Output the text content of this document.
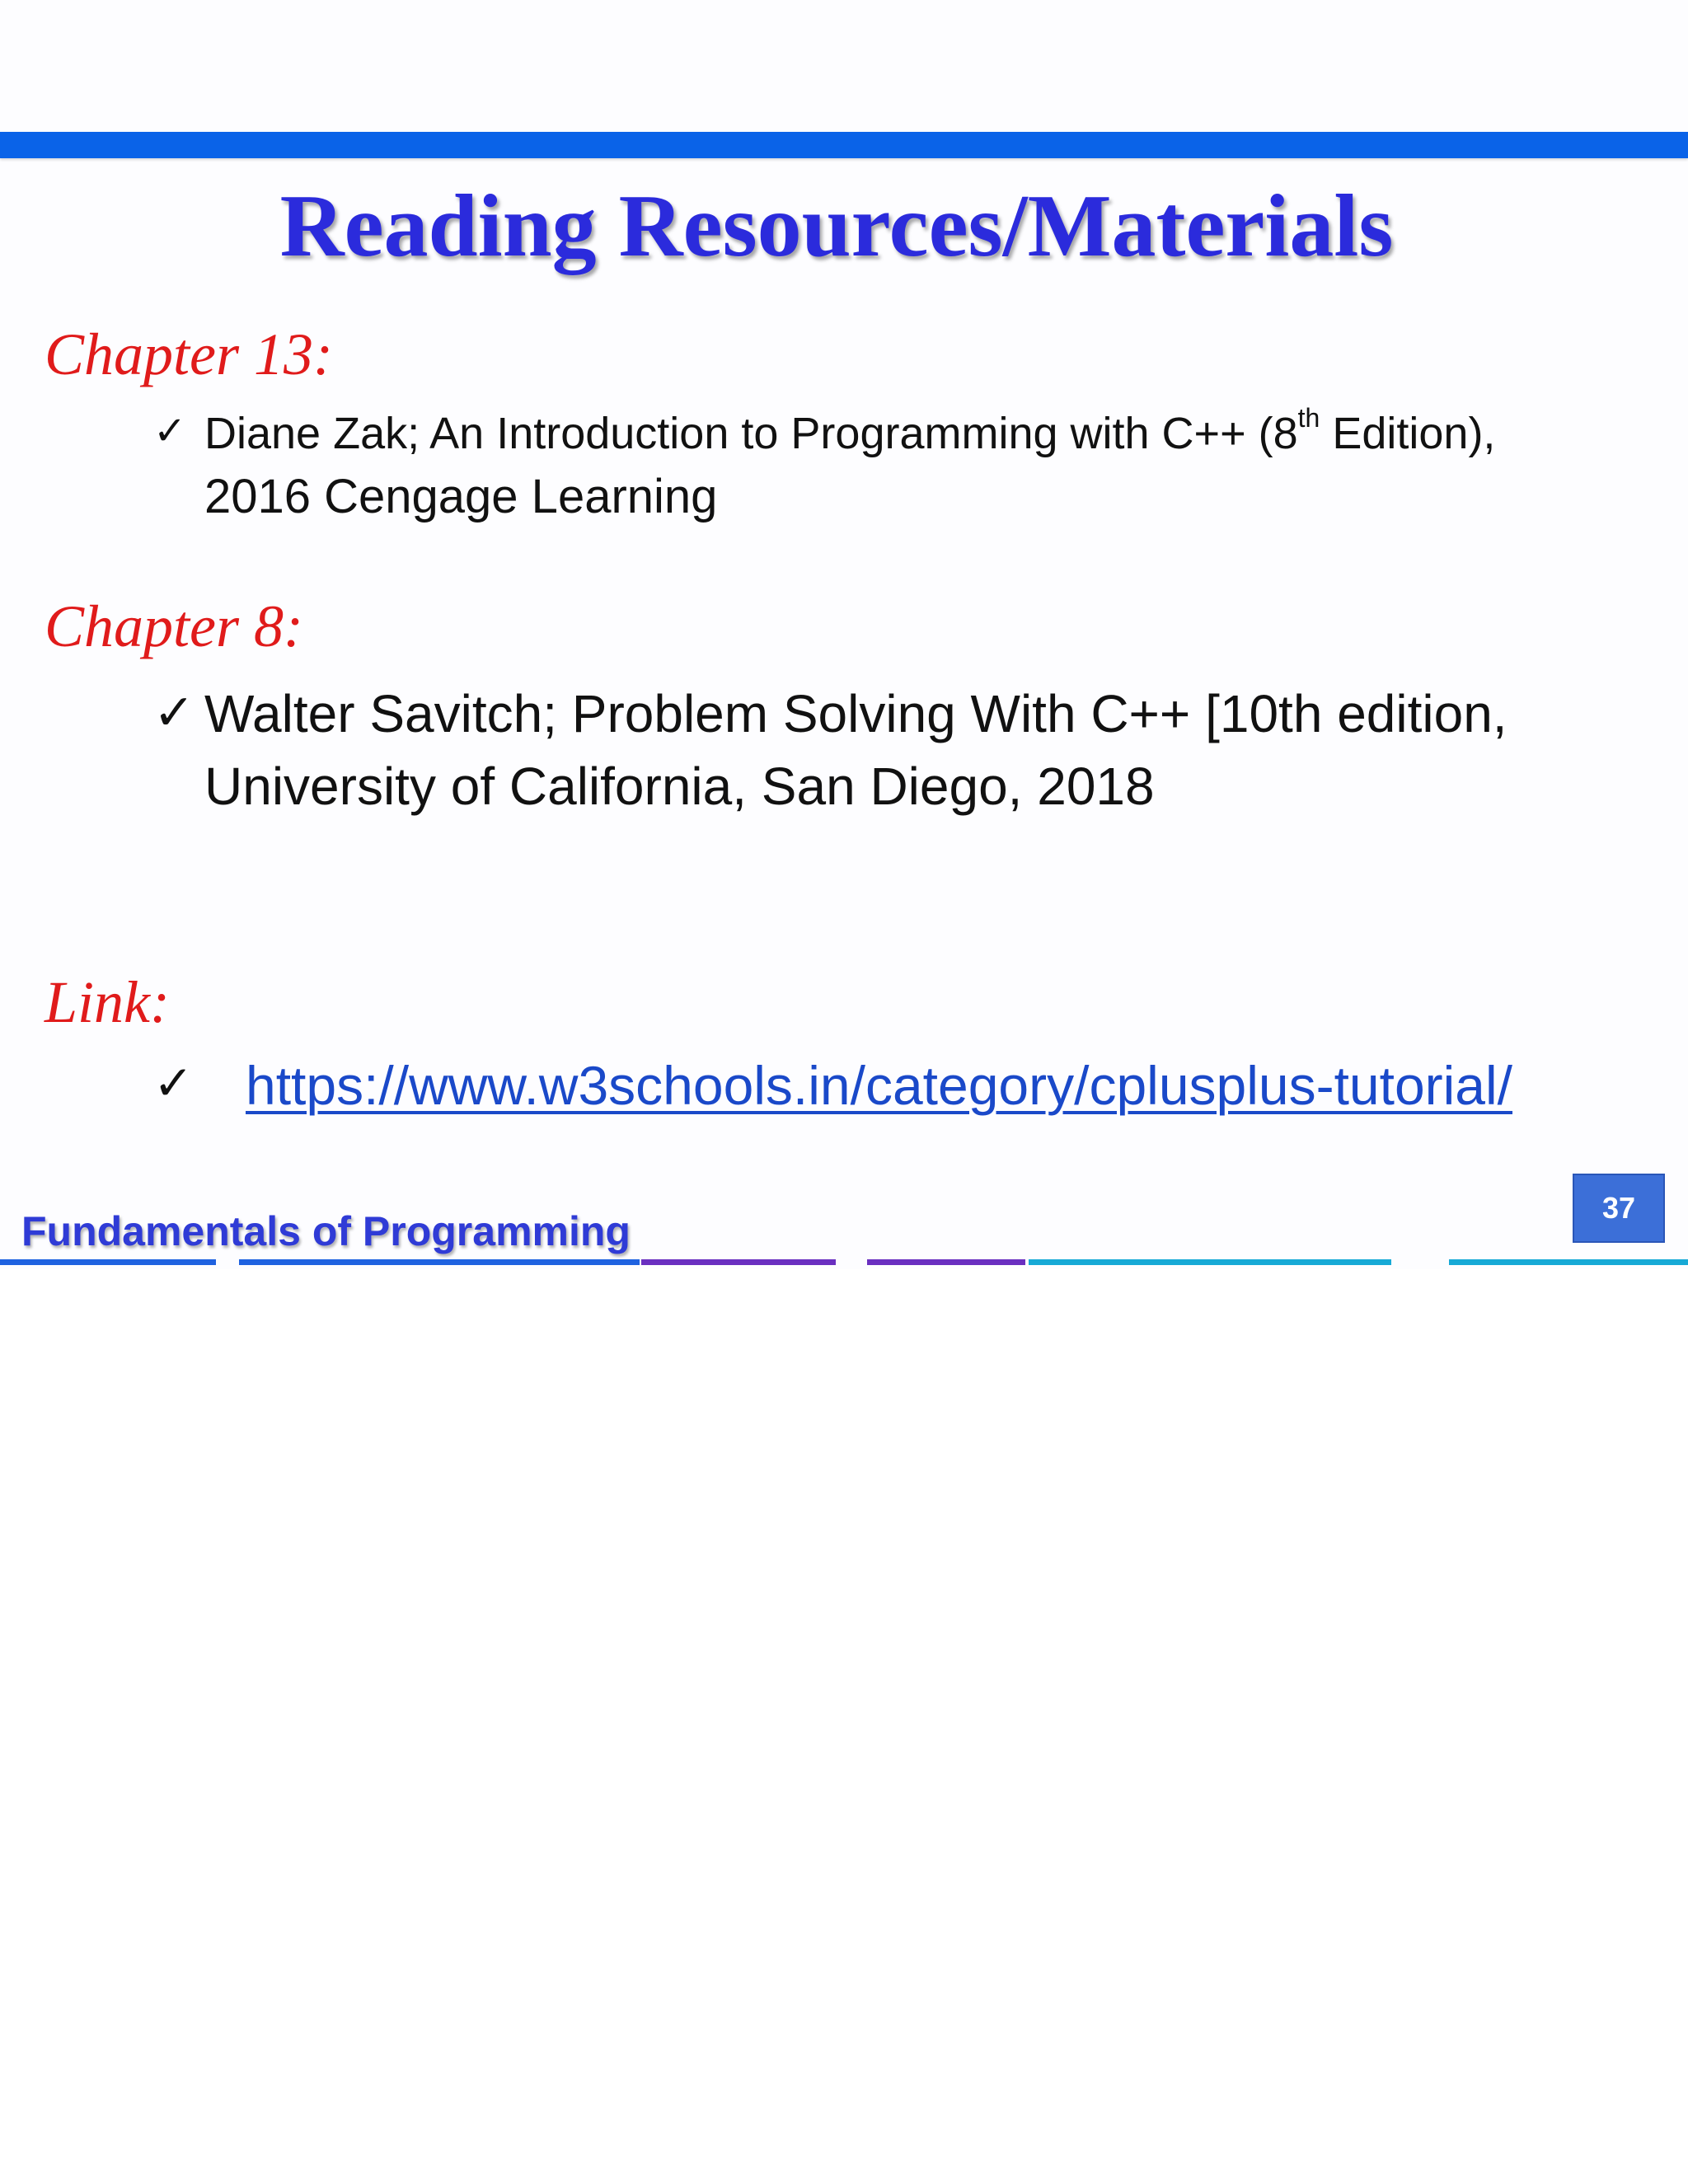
Reading Resources/Materials
Chapter 13:
✓ Diane Zak; An Introduction to Programming with C++ (8th Edition),
2016 Cengage Learning
Chapter 8:
✓ Walter Savitch; Problem Solving With C++ [10th edition,
University of California, San Diego, 2018
Link:
✓ https://www.w3schools.in/category/cplusplus-tutorial/
Fundamentals of Programming
37
